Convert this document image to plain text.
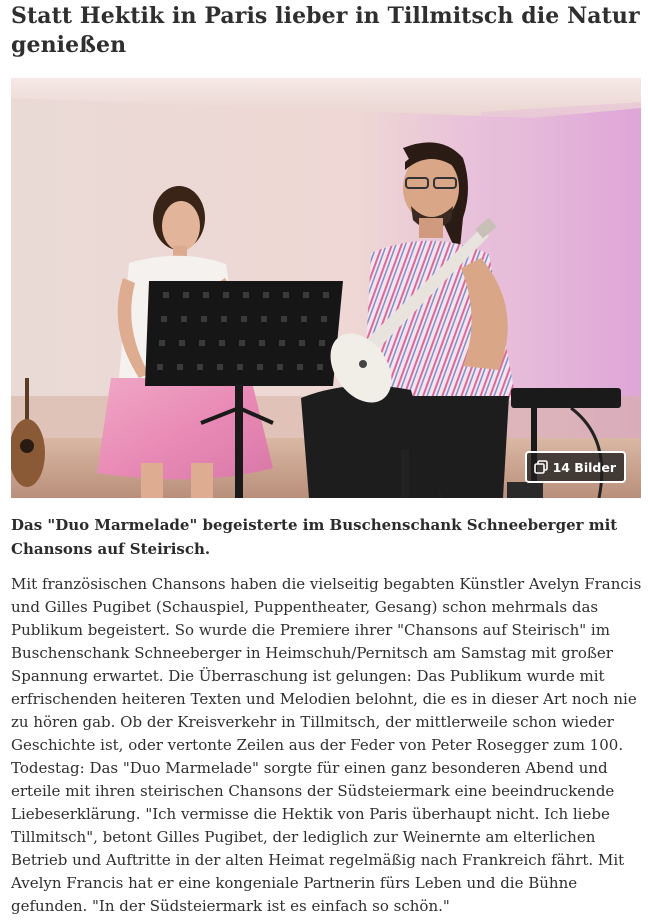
Statt Hektik in Paris lieber in Tillmitsch die Natur
genießen
14 Bilder

Das "Duo Marmelade" begeisterte im Buschenschank Schneeberger mit
Chansons auf Steirisch.

Mit französischen Chansons haben die vielseitig begabten Künstler Avelyn Francis
und Gilles Pugibet (Schauspiel, Puppentheater, Gesang) schon mehrmals das
Publikum begeistert. So wurde die Premiere ihrer "Chansons auf Steirisch" im
Buschenschank Schneeberger in Heimschuh/Pernitsch am Samstag mit großer
Spannung erwartet. Die Überraschung ist gelungen: Das Publikum wurde mit
erfrischenden heiteren Texten und Melodien belohnt, die es in dieser Art noch nie
zu hören gab. Ob der Kreisverkehr in Tillmitsch, der mittlerweile schon wieder
Geschichte ist, oder vertonte Zeilen aus der Feder von Peter Rosegger zum 100.
Todestag: Das "Duo Marmelade" sorgte für einen ganz besonderen Abend und
erteile mit ihren steirischen Chansons der Südsteiermark eine beeindruckende
Liebeserklärung. "Ich vermisse die Hektik von Paris überhaupt nicht. Ich liebe
Tillmitsch", betont Gilles Pugibet, der lediglich zur Weinernte am elterlichen
Betrieb und Auftritte in der alten Heimat regelmäßig nach Frankreich fährt. Mit
Avelyn Francis hat er eine kongeniale Partnerin fürs Leben und die Bühne
gefunden. "In der Südsteiermark ist es einfach so schön."
